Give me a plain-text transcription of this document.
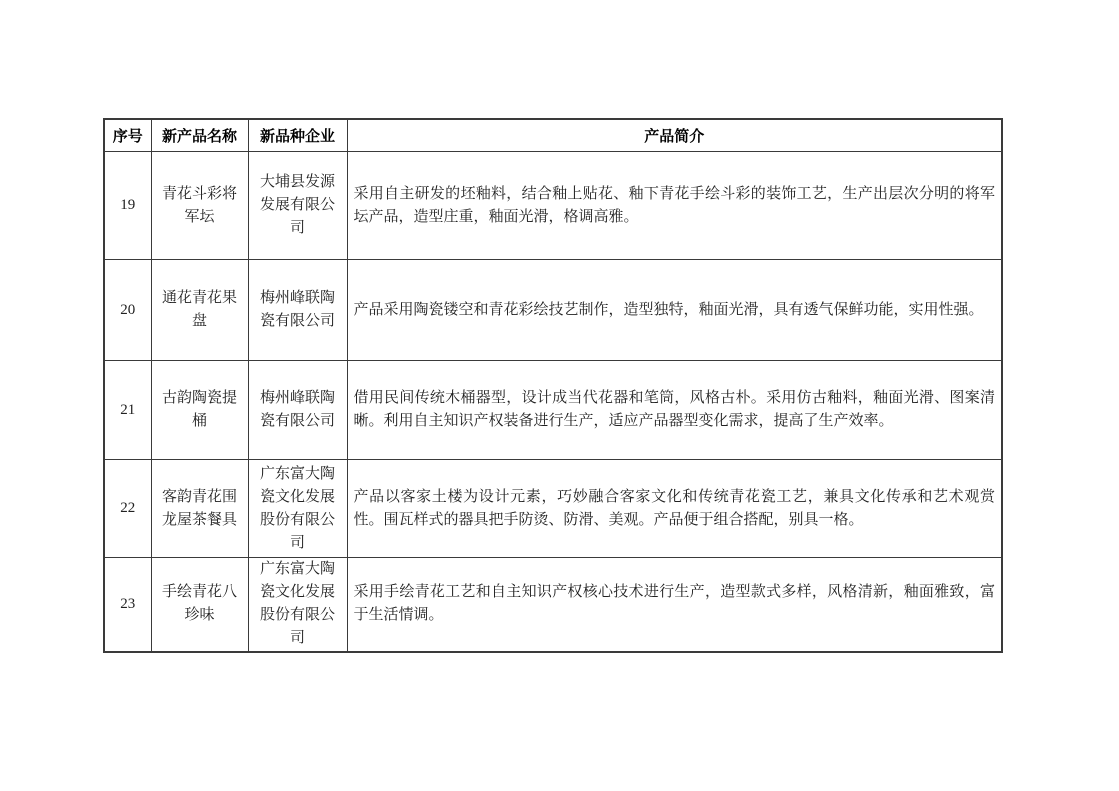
序号	新产品名称	新品种企业	产品简介
19	青花斗彩将军坛	大埔县发源发展有限公司	采用自主研发的坯釉料，结合釉上贴花、釉下青花手绘斗彩的装饰工艺，生产出层次分明的将军坛产品，造型庄重，釉面光滑，格调高雅。
20	通花青花果盘	梅州峰联陶瓷有限公司	产品采用陶瓷镂空和青花彩绘技艺制作，造型独特，釉面光滑，具有透气保鲜功能，实用性强。
21	古韵陶瓷提桶	梅州峰联陶瓷有限公司	借用民间传统木桶器型，设计成当代花器和笔筒，风格古朴。采用仿古釉料，釉面光滑、图案清晰。利用自主知识产权装备进行生产，适应产品器型变化需求，提高了生产效率。
22	客韵青花围龙屋茶餐具	广东富大陶瓷文化发展股份有限公司	产品以客家土楼为设计元素，巧妙融合客家文化和传统青花瓷工艺，兼具文化传承和艺术观赏性。围瓦样式的器具把手防烫、防滑、美观。产品便于组合搭配，别具一格。
23	手绘青花八珍味	广东富大陶瓷文化发展股份有限公司	采用手绘青花工艺和自主知识产权核心技术进行生产，造型款式多样，风格清新，釉面雅致，富于生活情调。
